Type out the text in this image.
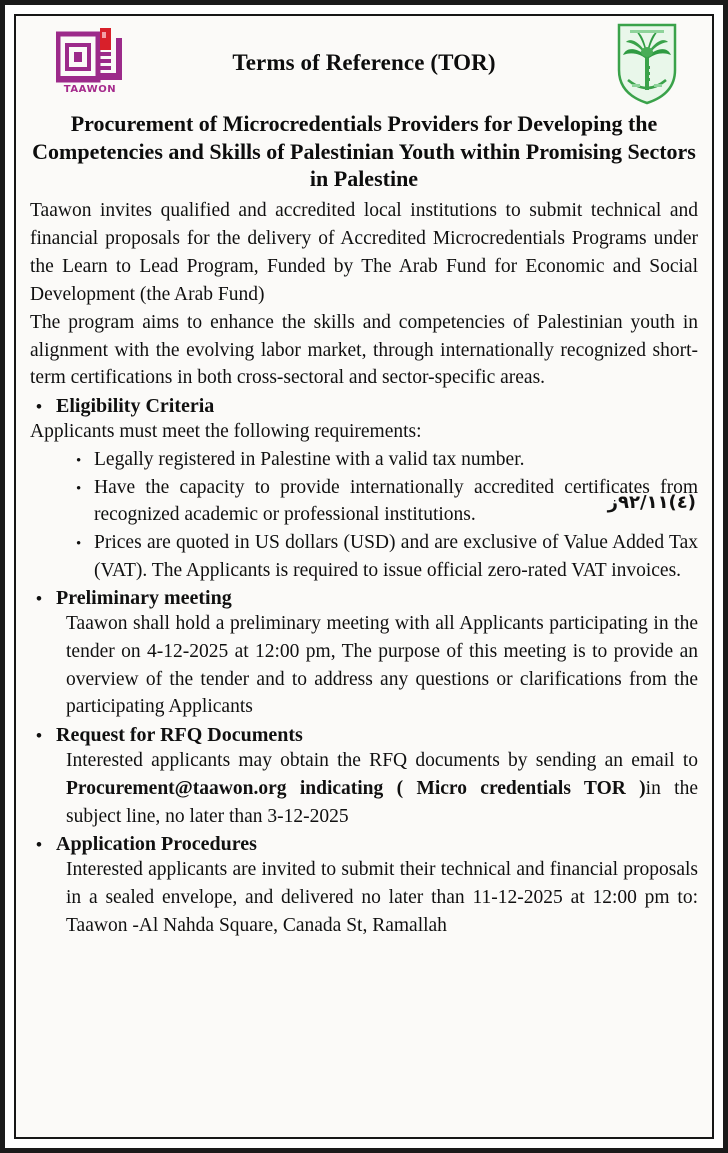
TAAWON
Terms of Reference (TOR)
Procurement of Microcredentials Providers for Developing the Competencies and Skills of Palestinian Youth within Promising Sectors in Palestine

Taawon invites qualified and accredited local institutions to submit technical and financial proposals for the delivery of Accredited Microcredentials Programs under the Learn to Lead Program, Funded by The Arab Fund for Economic and Social Development (the Arab Fund)

The program aims to enhance the skills and competencies of Palestinian youth in alignment with the evolving labor market, through internationally recognized short-term certifications in both cross-sectoral and sector-specific areas.

• Eligibility Criteria
Applicants must meet the following requirements:
• Legally registered in Palestine with a valid tax number.
• Have the capacity to provide internationally accredited certificates from recognized academic or professional institutions.
• Prices are quoted in US dollars (USD) and are exclusive of Value Added Tax (VAT). The Applicants is required to issue official zero-rated VAT invoices.
• Preliminary meeting
Taawon shall hold a preliminary meeting with all Applicants participating in the tender on 4-12-2025 at 12:00 pm, The purpose of this meeting is to provide an overview of the tender and to address any questions or clarifications from the participating Applicants
• Request for RFQ Documents
Interested applicants may obtain the RFQ documents by sending an email to Procurement@taawon.org indicating ( Micro credentials TOR )in the subject line, no later than 3-12-2025
• Application Procedures
Interested applicants are invited to submit their technical and financial proposals in a sealed envelope, and delivered no later than 11-12-2025 at 12:00 pm to: Taawon -Al Nahda Square, Canada St, Ramallah
(٤)١١/٢٩ز
